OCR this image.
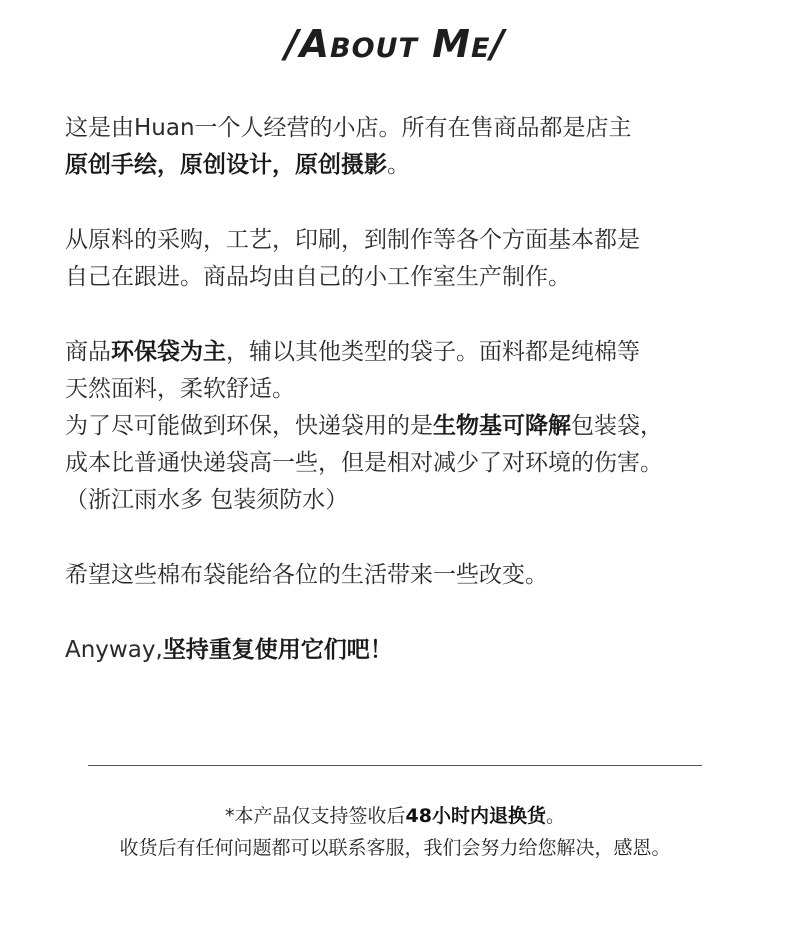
/About Me/
这是由Huan一个人经营的小店。所有在售商品都是店主
原创手绘，原创设计，原创摄影。
从原料的采购，工艺，印刷，到制作等各个方面基本都是
自己在跟进。商品均由自己的小工作室生产制作。
商品环保袋为主，辅以其他类型的袋子。面料都是纯棉等
天然面料，柔软舒适。
为了尽可能做到环保，快递袋用的是生物基可降解包装袋，
成本比普通快递袋高一些，但是相对减少了对环境的伤害。
（浙江雨水多 包装须防水）
希望这些棉布袋能给各位的生活带来一些改变。
Anyway,坚持重复使用它们吧！
*本产品仅支持签收后48小时内退换货。
收货后有任何问题都可以联系客服，我们会努力给您解决，感恩。
